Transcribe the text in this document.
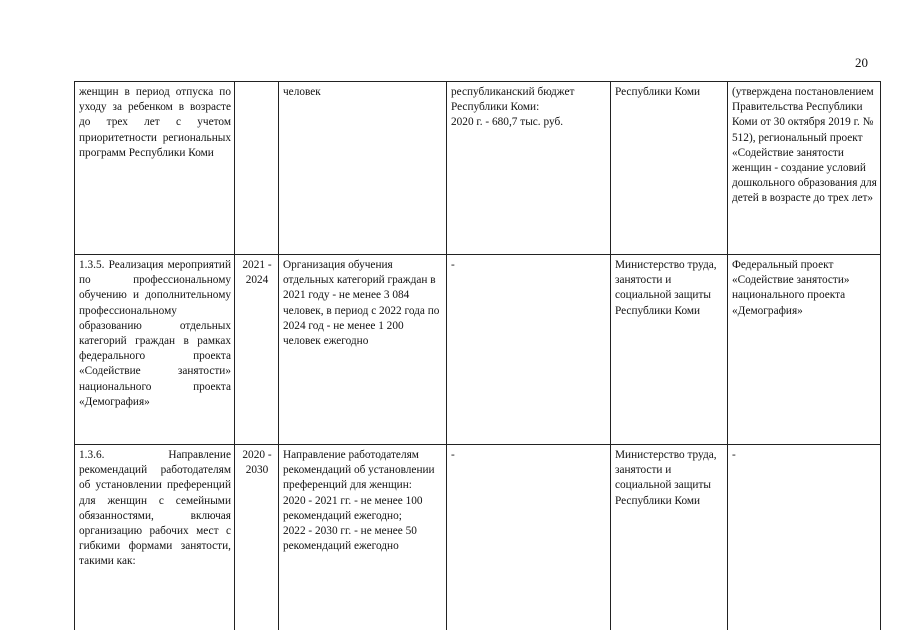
20
женщин в период отпуска по уходу за ребенком в возрасте до трех лет с учетом приоритетности региональных программ Республики Коми		человек	республиканский бюджет Республики Коми:
2020 г. - 680,7 тыс. руб.	Республики Коми	(утверждена постановлением Правительства Республики Коми от 30 октября 2019 г. № 512), региональный проект «Содействие занятости женщин - создание условий дошкольного образования для детей в возрасте до трех лет»

1.3.5. Реализация мероприятий по профессиональному обучению и дополнительному профессиональному образованию отдельных категорий граждан в рамках федерального проекта «Содействие занятости» национального проекта «Демография»	2021 -
2024	Организация обучения отдельных категорий граждан в 2021 году - не менее 3 084 человек, в период с 2022 года по 2024 год - не менее 1 200 человек ежегодно	-	Министерство труда, занятости и социальной защиты Республики Коми	Федеральный проект «Содействие занятости» национального проекта «Демография»

1.3.6. Направление рекомендаций работодателям об установлении преференций для женщин с семейными обязанностями, включая организацию рабочих мест с гибкими формами занятости, такими как:	2020 -
2030	Направление работодателям рекомендаций об установлении преференций для женщин:
2020 - 2021 гг. - не менее 100 рекомендаций ежегодно;
2022 - 2030 гг. - не менее 50 рекомендаций ежегодно	-	Министерство труда, занятости и социальной защиты Республики Коми	-
